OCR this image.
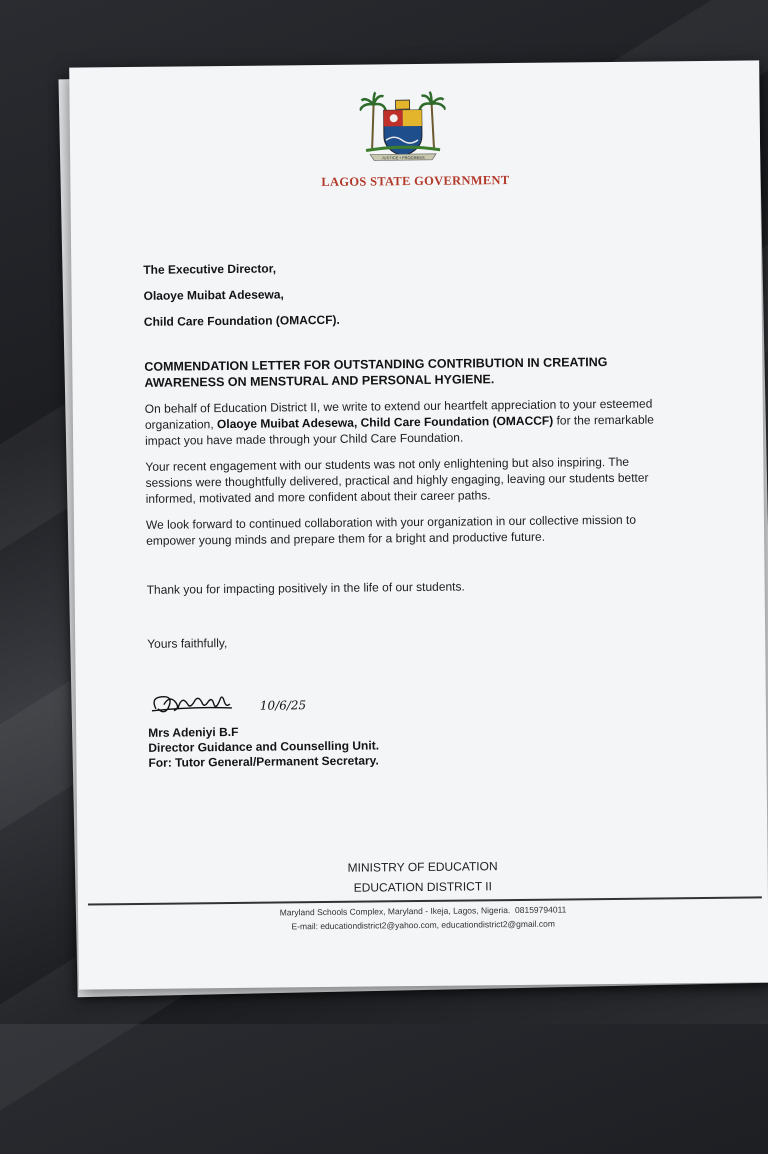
JUSTICE • PROGRESS
LAGOS STATE GOVERNMENT
The Executive Director,
Olaoye Muibat Adesewa,
Child Care Foundation (OMACCF).
COMMENDATION LETTER FOR OUTSTANDING CONTRIBUTION IN CREATING AWARENESS ON MENSTURAL AND PERSONAL HYGIENE.
On behalf of Education District II, we write to extend our heartfelt appreciation to your esteemed organization, Olaoye Muibat Adesewa, Child Care Foundation (OMACCF) for the remarkable impact you have made through your Child Care Foundation.
Your recent engagement with our students was not only enlightening but also inspiring. The sessions were thoughtfully delivered, practical and highly engaging, leaving our students better informed, motivated and more confident about their career paths.
We look forward to continued collaboration with your organization in our collective mission to empower young minds and prepare them for a bright and productive future.
Thank you for impacting positively in the life of our students.
Yours faithfully,
10/6/25
Mrs Adeniyi B.F
Director Guidance and Counselling Unit.
For: Tutor General/Permanent Secretary.
MINISTRY OF EDUCATION
EDUCATION DISTRICT II
Maryland Schools Complex, Maryland - Ikeja, Lagos, Nigeria. 08159794011
E-mail: educationdistrict2@yahoo.com, educationdistrict2@gmail.com
